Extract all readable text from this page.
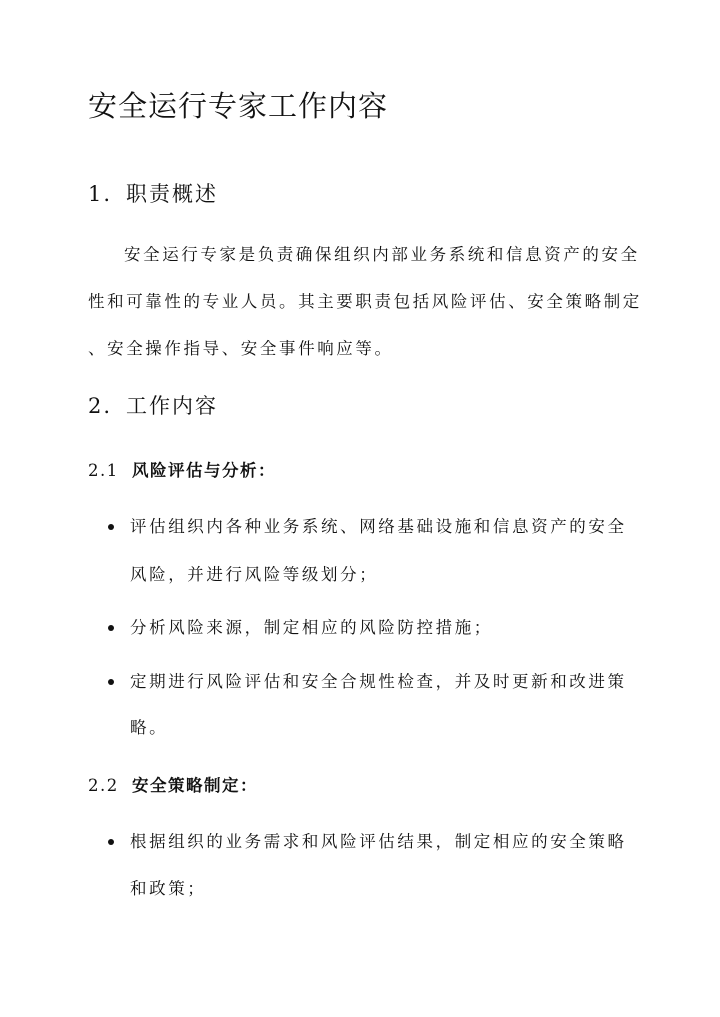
安全运行专家工作内容
1. 职责概述

安全运行专家是负责确保组织内部业务系统和信息资产的安全

性和可靠性的专业人员。其主要职责包括风险评估、安全策略制定

、安全操作指导、安全事件响应等。

2. 工作内容
2.1 风险评估与分析：

评估组织内各种业务系统、网络基础设施和信息资产的安全

风险，并进行风险等级划分；

分析风险来源，制定相应的风险防控措施；

定期进行风险评估和安全合规性检查，并及时更新和改进策

略。

2.2 安全策略制定：

根据组织的业务需求和风险评估结果，制定相应的安全策略

和政策；
